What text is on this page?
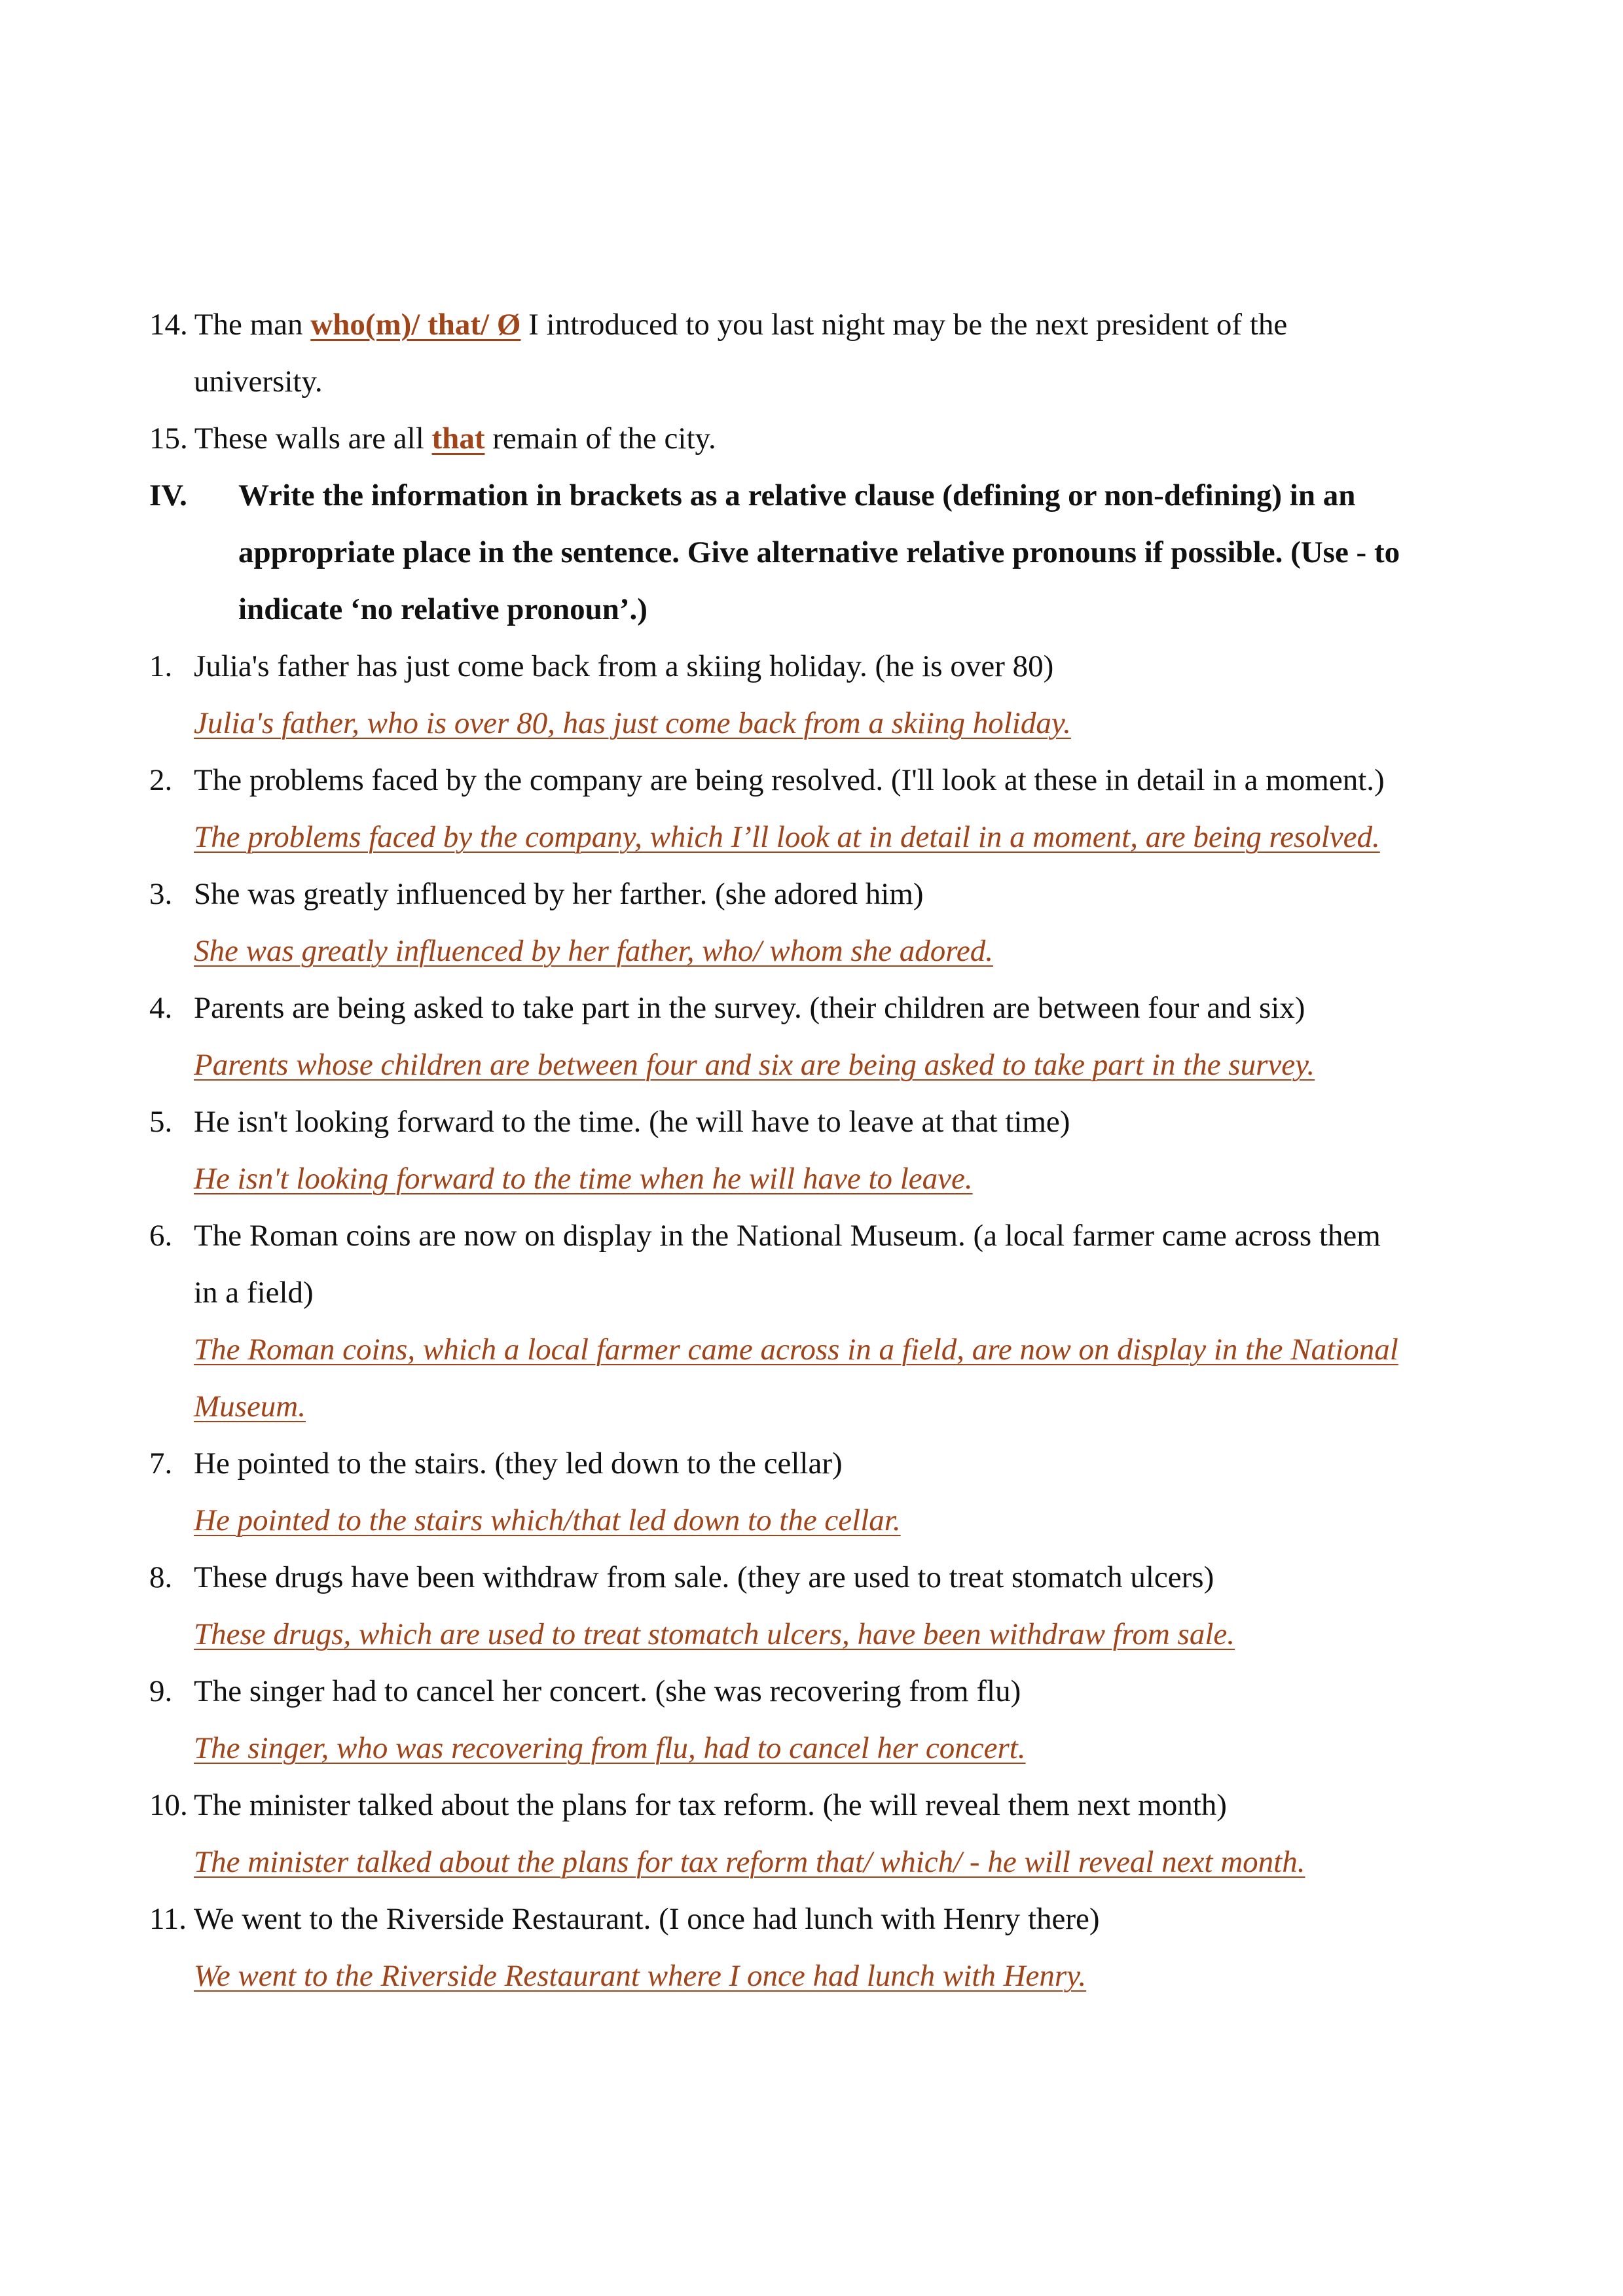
14. The man who(m)/ that/ Ø I introduced to you last night may be the next president of the
university.
15. These walls are all that remain of the city.
IV. Write the information in brackets as a relative clause (defining or non-defining) in an
appropriate place in the sentence. Give alternative relative pronouns if possible. (Use - to
indicate ‘no relative pronoun’.)
1. Julia's father has just come back from a skiing holiday. (he is over 80)
Julia's father, who is over 80, has just come back from a skiing holiday.
2. The problems faced by the company are being resolved. (I'll look at these in detail in a moment.)
The problems faced by the company, which I’ll look at in detail in a moment, are being resolved.
3. She was greatly influenced by her farther. (she adored him)
She was greatly influenced by her father, who/ whom she adored.
4. Parents are being asked to take part in the survey. (their children are between four and six)
Parents whose children are between four and six are being asked to take part in the survey.
5. He isn't looking forward to the time. (he will have to leave at that time)
He isn't looking forward to the time when he will have to leave.
6. The Roman coins are now on display in the National Museum. (a local farmer came across them
in a field)
The Roman coins, which a local farmer came across in a field, are now on display in the National
Museum.
7. He pointed to the stairs. (they led down to the cellar)
He pointed to the stairs which/that led down to the cellar.
8. These drugs have been withdraw from sale. (they are used to treat stomatch ulcers)
These drugs, which are used to treat stomatch ulcers, have been withdraw from sale.
9. The singer had to cancel her concert. (she was recovering from flu)
The singer, who was recovering from flu, had to cancel her concert.
10. The minister talked about the plans for tax reform. (he will reveal them next month)
The minister talked about the plans for tax reform that/ which/ - he will reveal next month.
11. We went to the Riverside Restaurant. (I once had lunch with Henry there)
We went to the Riverside Restaurant where I once had lunch with Henry.
